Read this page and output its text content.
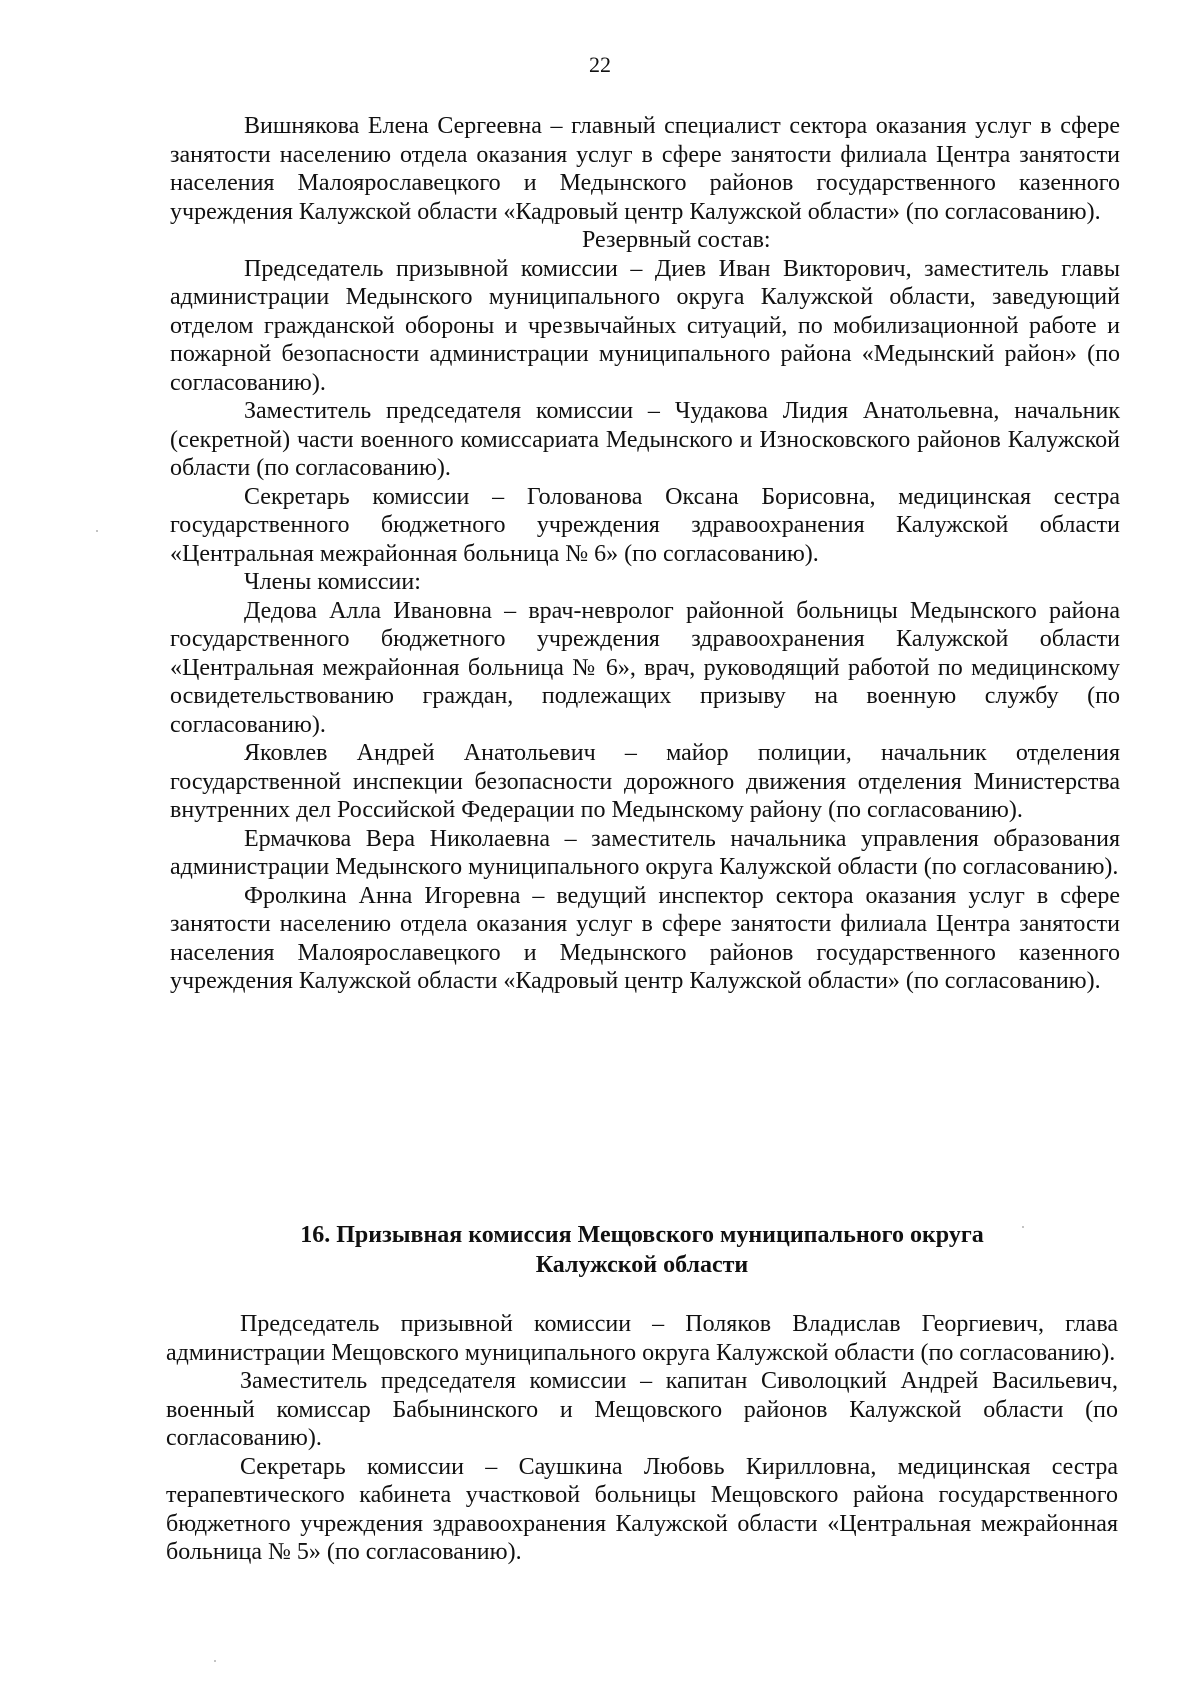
22

Вишнякова Елена Сергеевна – главный специалист сектора оказания услуг в сфере занятости населению отдела оказания услуг в сфере занятости филиала Центра занятости населения Малоярославецкого и Медынского районов государственного казенного учреждения Калужской области «Кадровый центр Калужской области» (по согласованию).

Резервный состав:

Председатель призывной комиссии – Диев Иван Викторович, заместитель главы администрации Медынского муниципального округа Калужской области, заведующий отделом гражданской обороны и чрезвычайных ситуаций, по мобилизационной работе и пожарной безопасности администрации муниципального района «Медынский район» (по согласованию).

Заместитель председателя комиссии – Чудакова Лидия Анатольевна, начальник (секретной) части военного комиссариата Медынского и Износковского районов Калужской области (по согласованию).

Секретарь комиссии – Голованова Оксана Борисовна, медицинская сестра государственного бюджетного учреждения здравоохранения Калужской области «Центральная межрайонная больница № 6» (по согласованию).

Члены комиссии:

Дедова Алла Ивановна – врач-невролог районной больницы Медынского района государственного бюджетного учреждения здравоохранения Калужской области «Центральная межрайонная больница № 6», врач, руководящий работой по медицинскому освидетельствованию граждан, подлежащих призыву на военную службу (по согласованию).

Яковлев Андрей Анатольевич – майор полиции, начальник отделения государственной инспекции безопасности дорожного движения отделения Министерства внутренних дел Российской Федерации по Медынскому району (по согласованию).

Ермачкова Вера Николаевна – заместитель начальника управления образования администрации Медынского муниципального округа Калужской области (по согласованию).

Фролкина Анна Игоревна – ведущий инспектор сектора оказания услуг в сфере занятости населению отдела оказания услуг в сфере занятости филиала Центра занятости населения Малоярославецкого и Медынского районов государственного казенного учреждения Калужской области «Кадровый центр Калужской области» (по согласованию).

16. Призывная комиссия Мещовского муниципального округа
Калужской области

Председатель призывной комиссии – Поляков Владислав Георгиевич, глава администрации Мещовского муниципального округа Калужской области (по согласованию).

Заместитель председателя комиссии – капитан Сиволоцкий Андрей Васильевич, военный комиссар Бабынинского и Мещовского районов Калужской области (по согласованию).

Секретарь комиссии – Саушкина Любовь Кирилловна, медицинская сестра терапевтического кабинета участковой больницы Мещовского района государственного бюджетного учреждения здравоохранения Калужской области «Центральная межрайонная больница № 5» (по согласованию).
